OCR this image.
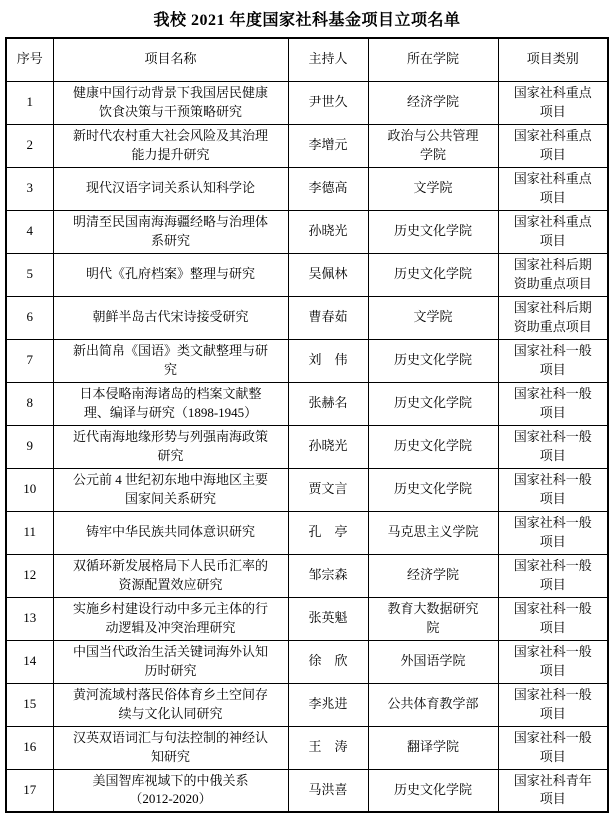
我校 2021 年度国家社科基金项目立项名单
序号	项目名称	主持人	所在学院	项目类别
1	健康中国行动背景下我国居民健康饮食决策与干预策略研究	尹世久	经济学院	国家社科重点项目
2	新时代农村重大社会风险及其治理能力提升研究	李增元	政治与公共管理学院	国家社科重点项目
3	现代汉语字词关系认知科学论	李德高	文学院	国家社科重点项目
4	明清至民国南海海疆经略与治理体系研究	孙晓光	历史文化学院	国家社科重点项目
5	明代《孔府档案》整理与研究	吴佩林	历史文化学院	国家社科后期资助重点项目
6	朝鲜半岛古代宋诗接受研究	曹春茹	文学院	国家社科后期资助重点项目
7	新出简帛《国语》类文献整理与研究	刘　伟	历史文化学院	国家社科一般项目
8	日本侵略南海诸岛的档案文献整理、编译与研究（1898-1945）	张赫名	历史文化学院	国家社科一般项目
9	近代南海地缘形势与列强南海政策研究	孙晓光	历史文化学院	国家社科一般项目
10	公元前 4 世纪初东地中海地区主要国家间关系研究	贾文言	历史文化学院	国家社科一般项目
11	铸牢中华民族共同体意识研究	孔　亭	马克思主义学院	国家社科一般项目
12	双循环新发展格局下人民币汇率的资源配置效应研究	邹宗森	经济学院	国家社科一般项目
13	实施乡村建设行动中多元主体的行动逻辑及冲突治理研究	张英魁	教育大数据研究院	国家社科一般项目
14	中国当代政治生活关键词海外认知历时研究	徐　欣	外国语学院	国家社科一般项目
15	黄河流域村落民俗体育乡土空间存续与文化认同研究	李兆进	公共体育教学部	国家社科一般项目
16	汉英双语词汇与句法控制的神经认知研究	王　涛	翻译学院	国家社科一般项目
17	美国智库视域下的中俄关系（2012-2020）	马洪喜	历史文化学院	国家社科青年项目
